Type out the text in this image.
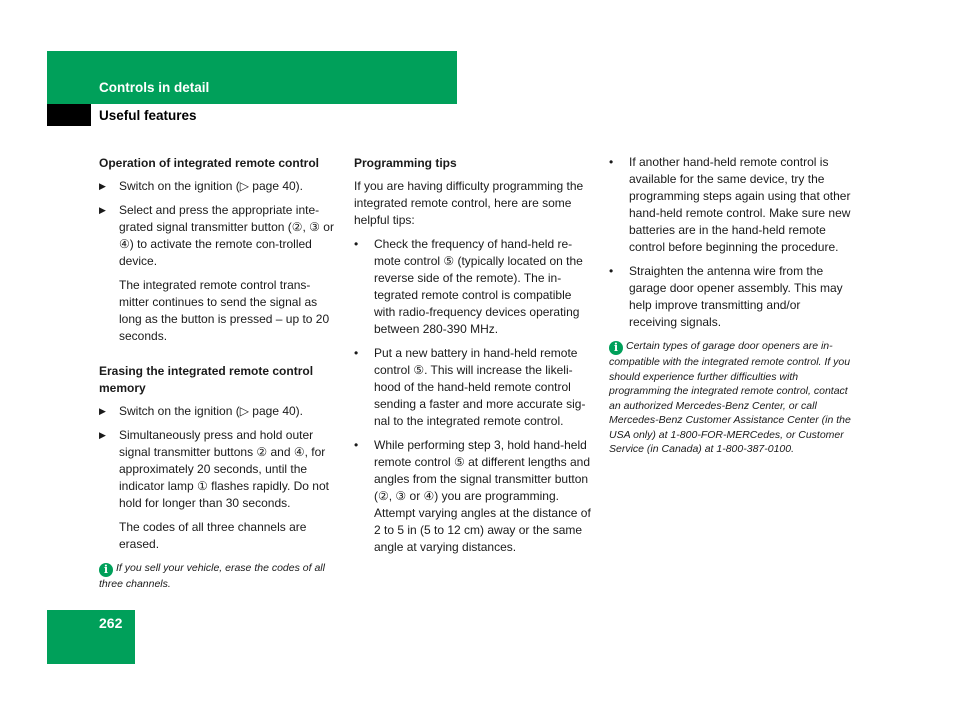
Controls in detail
Useful features
Operation of integrated remote control
▶ Switch on the ignition (▷ page 40).
▶ Select and press the appropriate inte-grated signal transmitter button (②, ③ or ④) to activate the remote con-trolled device.

The integrated remote control trans-mitter continues to send the signal as long as the button is pressed – up to 20 seconds.

Erasing the integrated remote control memory
▶ Switch on the ignition (▷ page 40).
▶ Simultaneously press and hold outer signal transmitter buttons ② and ④, for approximately 20 seconds, until the indicator lamp ① flashes rapidly. Do not hold for longer than 30 seconds.

The codes of all three channels are erased.

i If you sell your vehicle, erase the codes of all three channels.
Programming tips

If you are having difficulty programming the integrated remote control, here are some helpful tips:

• Check the frequency of hand-held re-mote control ⑤ (typically located on the reverse side of the remote). The in-tegrated remote control is compatible with radio-frequency devices operating between 280-390 MHz.
• Put a new battery in hand-held remote control ⑤. This will increase the likeli-hood of the hand-held remote control sending a faster and more accurate sig-nal to the integrated remote control.
• While performing step 3, hold hand-held remote control ⑤ at different lengths and angles from the signal transmitter button (②, ③ or ④) you are programming. Attempt varying angles at the distance of 2 to 5 in (5 to 12 cm) away or the same angle at varying distances.
• If another hand-held remote control is available for the same device, try the programming steps again using that other hand-held remote control. Make sure new batteries are in the hand-held remote control before beginning the procedure.
• Straighten the antenna wire from the garage door opener assembly. This may help improve transmitting and/or receiving signals.
i Certain types of garage door openers are in-compatible with the integrated remote control. If you should experience further difficulties with programming the integrated remote control, contact an authorized Mercedes-Benz Center, or call Mercedes-Benz Customer Assistance Center (in the USA only) at 1-800-FOR-MERCedes, or Customer Service (in Canada) at 1-800-387-0100.
262
